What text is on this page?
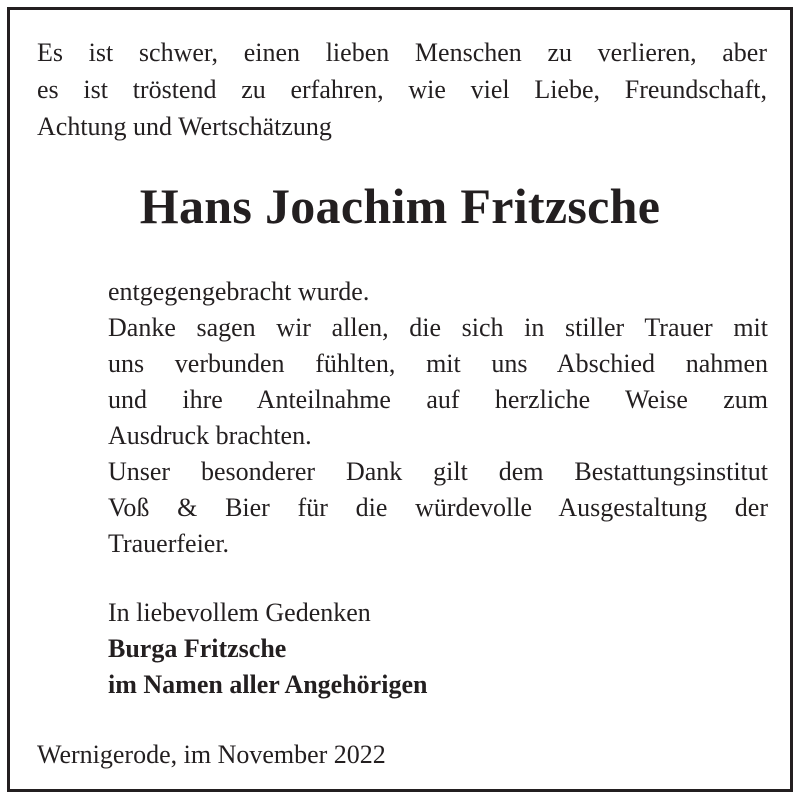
Es ist schwer, einen lieben Menschen zu verlieren, aber
es ist tröstend zu erfahren, wie viel Liebe, Freundschaft,
Achtung und Wertschätzung
Hans Joachim Fritzsche
entgegengebracht wurde.
Danke sagen wir allen, die sich in stiller Trauer mit
uns verbunden fühlten, mit uns Abschied nahmen
und ihre Anteilnahme auf herzliche Weise zum
Ausdruck brachten.
Unser besonderer Dank gilt dem Bestattungsinstitut
Voß & Bier für die würdevolle Ausgestaltung der
Trauerfeier.
In liebevollem Gedenken
Burga Fritzsche
im Namen aller Angehörigen
Wernigerode, im November 2022
